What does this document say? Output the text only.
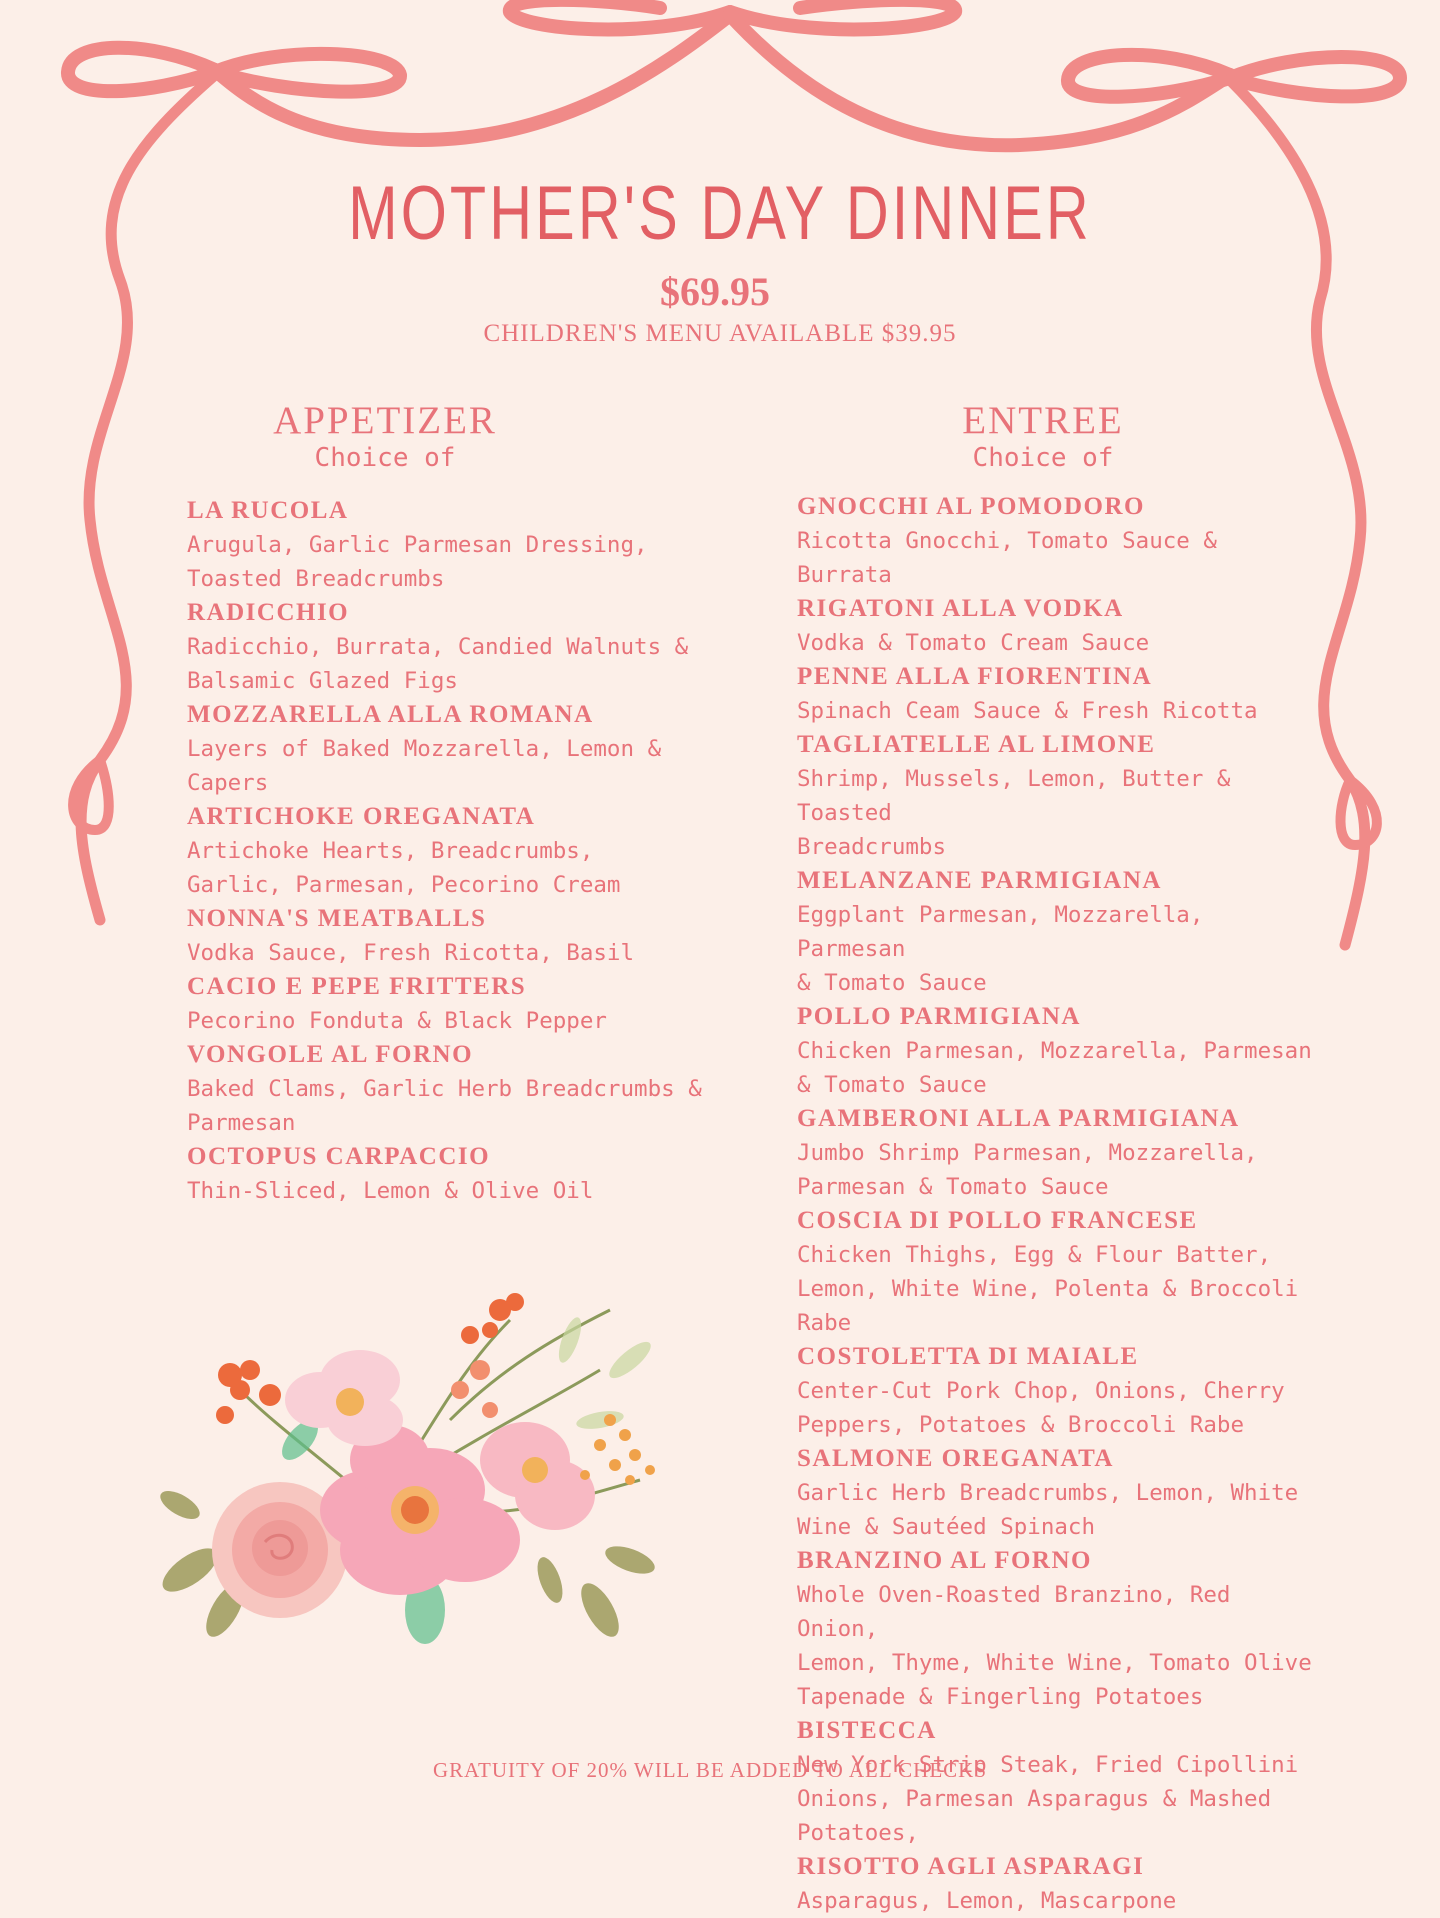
MOTHER'S DAY DINNER
$69.95
CHILDREN'S MENU AVAILABLE $39.95
APPETIZER
Choice of
ENTREE
Choice of
LA RUCOLA
Arugula, Garlic Parmesan Dressing,
Toasted Breadcrumbs
RADICCHIO
Radicchio, Burrata, Candied Walnuts &
Balsamic Glazed Figs
MOZZARELLA ALLA ROMANA
Layers of Baked Mozzarella, Lemon &
Capers
ARTICHOKE OREGANATA
Artichoke Hearts, Breadcrumbs,
Garlic, Parmesan, Pecorino Cream
NONNA'S MEATBALLS
Vodka Sauce, Fresh Ricotta, Basil
CACIO E PEPE FRITTERS
Pecorino Fonduta & Black Pepper
VONGOLE AL FORNO
Baked Clams, Garlic Herb Breadcrumbs &
Parmesan
OCTOPUS CARPACCIO
Thin-Sliced, Lemon & Olive Oil
GNOCCHI AL POMODORO
Ricotta Gnocchi, Tomato Sauce & Burrata
RIGATONI ALLA VODKA
Vodka & Tomato Cream Sauce
PENNE ALLA FIORENTINA
Spinach Ceam Sauce & Fresh Ricotta
TAGLIATELLE AL LIMONE
Shrimp, Mussels, Lemon, Butter & Toasted
Breadcrumbs
MELANZANE PARMIGIANA
Eggplant Parmesan, Mozzarella, Parmesan
& Tomato Sauce
POLLO PARMIGIANA
Chicken Parmesan, Mozzarella, Parmesan
& Tomato Sauce
GAMBERONI ALLA PARMIGIANA
Jumbo Shrimp Parmesan, Mozzarella,
Parmesan & Tomato Sauce
COSCIA DI POLLO FRANCESE
Chicken Thighs, Egg & Flour Batter,
Lemon, White Wine, Polenta & Broccoli
Rabe
COSTOLETTA DI MAIALE
Center-Cut Pork Chop, Onions, Cherry
Peppers, Potatoes & Broccoli Rabe
SALMONE OREGANATA
Garlic Herb Breadcrumbs, Lemon, White
Wine & Sautéed Spinach
BRANZINO AL FORNO
Whole Oven-Roasted Branzino, Red Onion,
Lemon, Thyme, White Wine, Tomato Olive
Tapenade & Fingerling Potatoes
BISTECCA
New York Strip Steak, Fried Cipollini
Onions, Parmesan Asparagus & Mashed
Potatoes,
RISOTTO AGLI ASPARAGI
Asparagus, Lemon, Mascarpone
GRATUITY OF 20% WILL BE ADDED TO ALL CHECKS
